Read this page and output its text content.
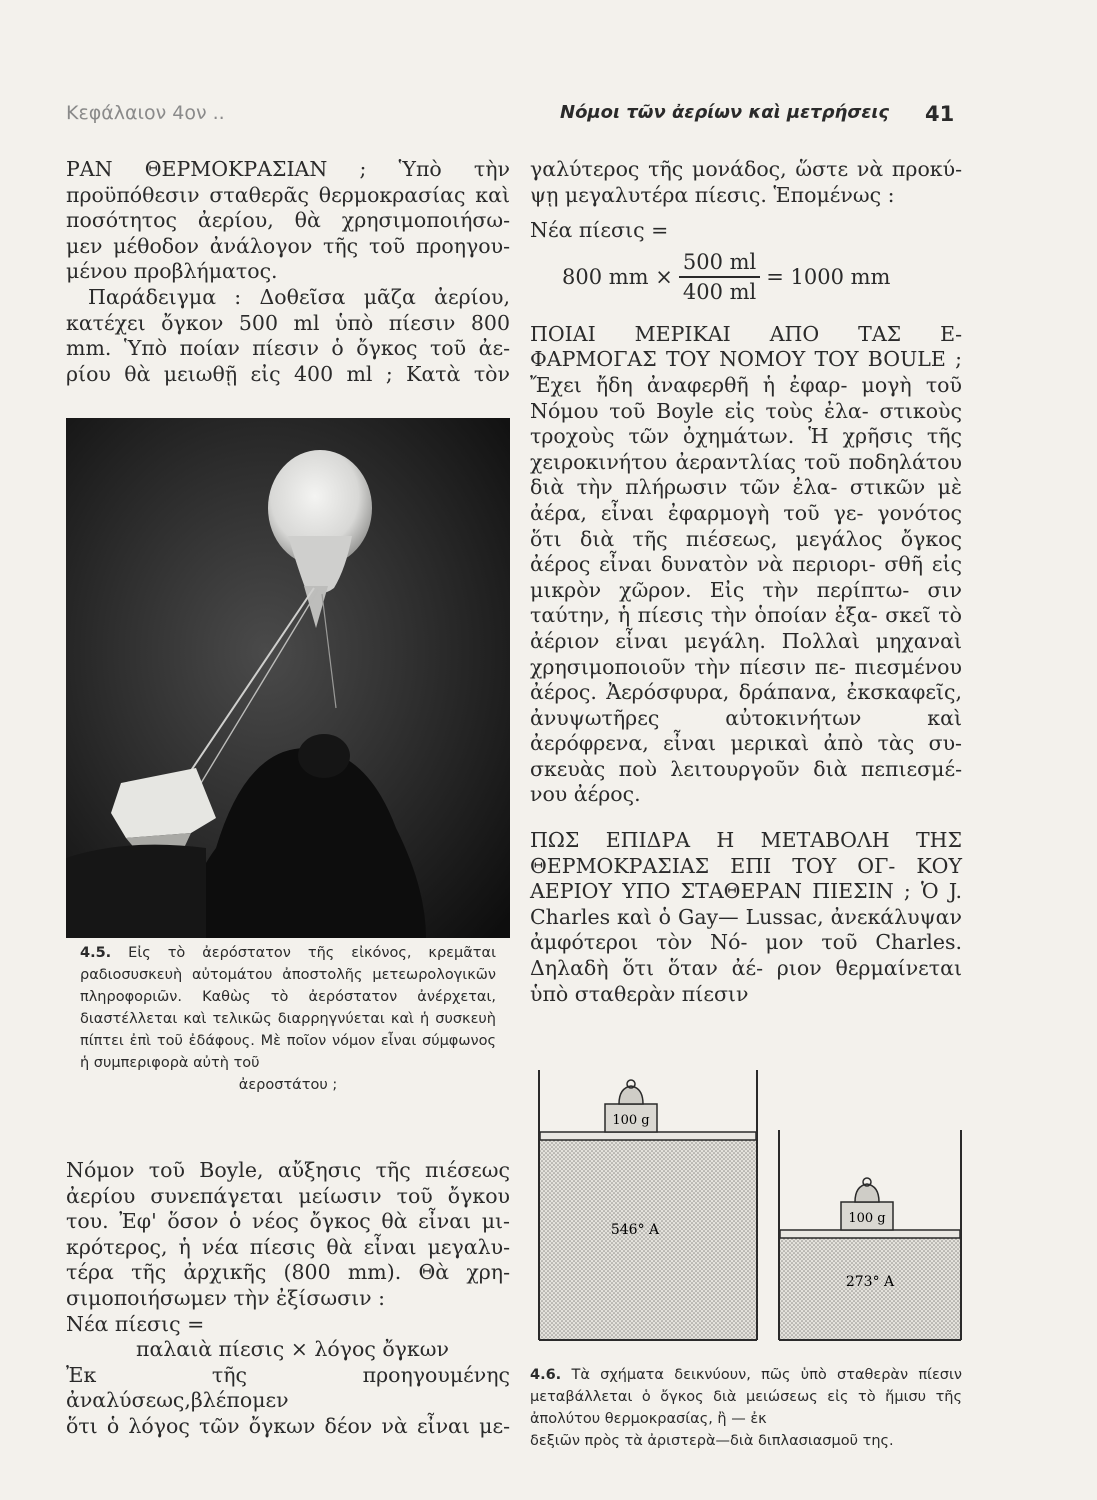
Κεφάλαιον 4ον ..	Νόμοι τῶν ἀερίων καὶ μετρήσεις 41

ΡΑΝ ΘΕΡΜΟΚΡΑΣΙΑΝ ; Ὑπὸ τὴν
προϋπόθεσιν σταθερᾶς θερμοκρασίας καὶ
ποσότητος ἀερίου, θὰ χρησιμοποιήσω-
μεν μέθοδον ἀνάλογον τῆς τοῦ προηγου-
μένου προβλήματος.

Παράδειγμα : Δοθεῖσα μᾶζα ἀερίου,
κατέχει ὄγκον 500 ml ὑπὸ πίεσιν 800
mm. Ὑπὸ ποίαν πίεσιν ὁ ὄγκος τοῦ ἀε-
ρίου θὰ μειωθῇ εἰς 400 ml ; Κατὰ τὸν

4.5. Εἰς τὸ ἀερόστατον τῆς εἰκόνος, κρεμᾶται ραδιοσυσκευὴ αὐτομάτου ἀποστολῆς μετεωρολογικῶν πληροφοριῶν. Καθὼς τὸ ἀερόστατον ἀνέρχεται, διαστέλλεται καὶ τελικῶς διαρρηγνύεται καὶ ἡ συσκευὴ πίπτει ἐπὶ τοῦ ἐδάφους. Μὲ ποῖον νόμον εἶναι σύμφωνος ἡ συμπεριφορὰ αὐτὴ τοῦ

ἀεροστάτου ;

Νόμον τοῦ Boyle, αὔξησις τῆς πιέσεως
ἀερίου συνεπάγεται μείωσιν τοῦ ὄγκου
του. Ἐφ' ὅσον ὁ νέος ὄγκος θὰ εἶναι μι-
κρότερος, ἡ νέα πίεσις θὰ εἶναι μεγαλυ-
τέρα τῆς ἀρχικῆς (800 mm). Θὰ χρη-
σιμοποιήσωμεν τὴν ἐξίσωσιν :

Νέα πίεσις =

παλαιὰ πίεσις × λόγος ὄγκων

Ἐκ τῆς προηγουμένης ἀναλύσεως,βλέπομεν
ὅτι ὁ λόγος τῶν ὄγκων δέον νὰ εἶναι με-

γαλύτερος τῆς μονάδος, ὥστε νὰ προκύ-
ψῃ μεγαλυτέρα πίεσις. Ἑπομένως :

Νέα πίεσις =

800 mm × $\frac{500 ml}{400 ml} = 1000$ mm

ΠΟΙΑΙ ΜΕΡΙΚΑΙ ΑΠΟ ΤΑΣ Ε- ΦΑΡΜΟΓΑΣ ΤΟΥ ΝΟΜΟΥ ΤΟΥ BOULE ; Ἔχει ἤδη ἀναφερθῆ ἡ ἐφαρ- μογὴ τοῦ Νόμου τοῦ Boyle εἰς τοὺς ἐλα- στικοὺς τροχοὺς τῶν ὀχημάτων. Ἡ χρῆσις τῆς χειροκινήτου ἀεραντλίας τοῦ ποδηλάτου διὰ τὴν πλήρωσιν τῶν ἐλα- στικῶν μὲ ἀέρα, εἶναι ἐφαρμογὴ τοῦ γε- γονότος ὅτι διὰ τῆς πιέσεως, μεγάλος ὄγκος ἀέρος εἶναι δυνατὸν νὰ περιορι- σθῆ εἰς μικρὸν χῶρον. Εἰς τὴν περίπτω- σιν ταύτην, ἡ πίεσις τὴν ὁποίαν ἐξα- σκεῖ τὸ ἀέριον εἶναι μεγάλη. Πολλαὶ μηχαναὶ χρησιμοποιοῦν τὴν πίεσιν πε- πιεσμένου ἀέρος. Ἀερόσφυρα, δράπανα, ἐκσκαφεῖς, ἀνυψωτῆρες αὐτοκινήτων καὶ ἀερόφρενα, εἶναι μερικαὶ ἀπὸ τὰς συ- σκευὰς ποὺ λειτουργοῦν διὰ πεπιεσμέ- νου ἀέρος.

ΠΩΣ ΕΠΙΔΡΑ Η ΜΕΤΑΒΟΛΗ ΤΗΣ ΘΕΡΜΟΚΡΑΣΙΑΣ ΕΠΙ ΤΟΥ ΟΓ- ΚΟΥ ΑΕΡΙΟΥ ΥΠΟ ΣΤΑΘΕΡΑΝ ΠΙΕΣΙΝ ; Ὁ J. Charles καὶ ὁ Gay— Lussac, ἀνεκάλυψαν ἀμφότεροι τὸν Νό- μον τοῦ Charles. Δηλαδὴ ὅτι ὅταν ἀέ- ριον θερμαίνεται ὑπὸ σταθερὰν πίεσιν

100 g
100 g
546° A
273° A

4.6. Τὰ σχήματα δεικνύουν, πῶς ὑπὸ σταθερὰν πίεσιν μεταβάλλεται ὁ ὄγκος διὰ μειώσεως εἰς τὸ ἥμισυ τῆς ἀπολύτου θερμοκρασίας, ἢ — ἐκ

δεξιῶν πρὸς τὰ ἀριστερὰ—διὰ διπλασιασμοῦ της.
